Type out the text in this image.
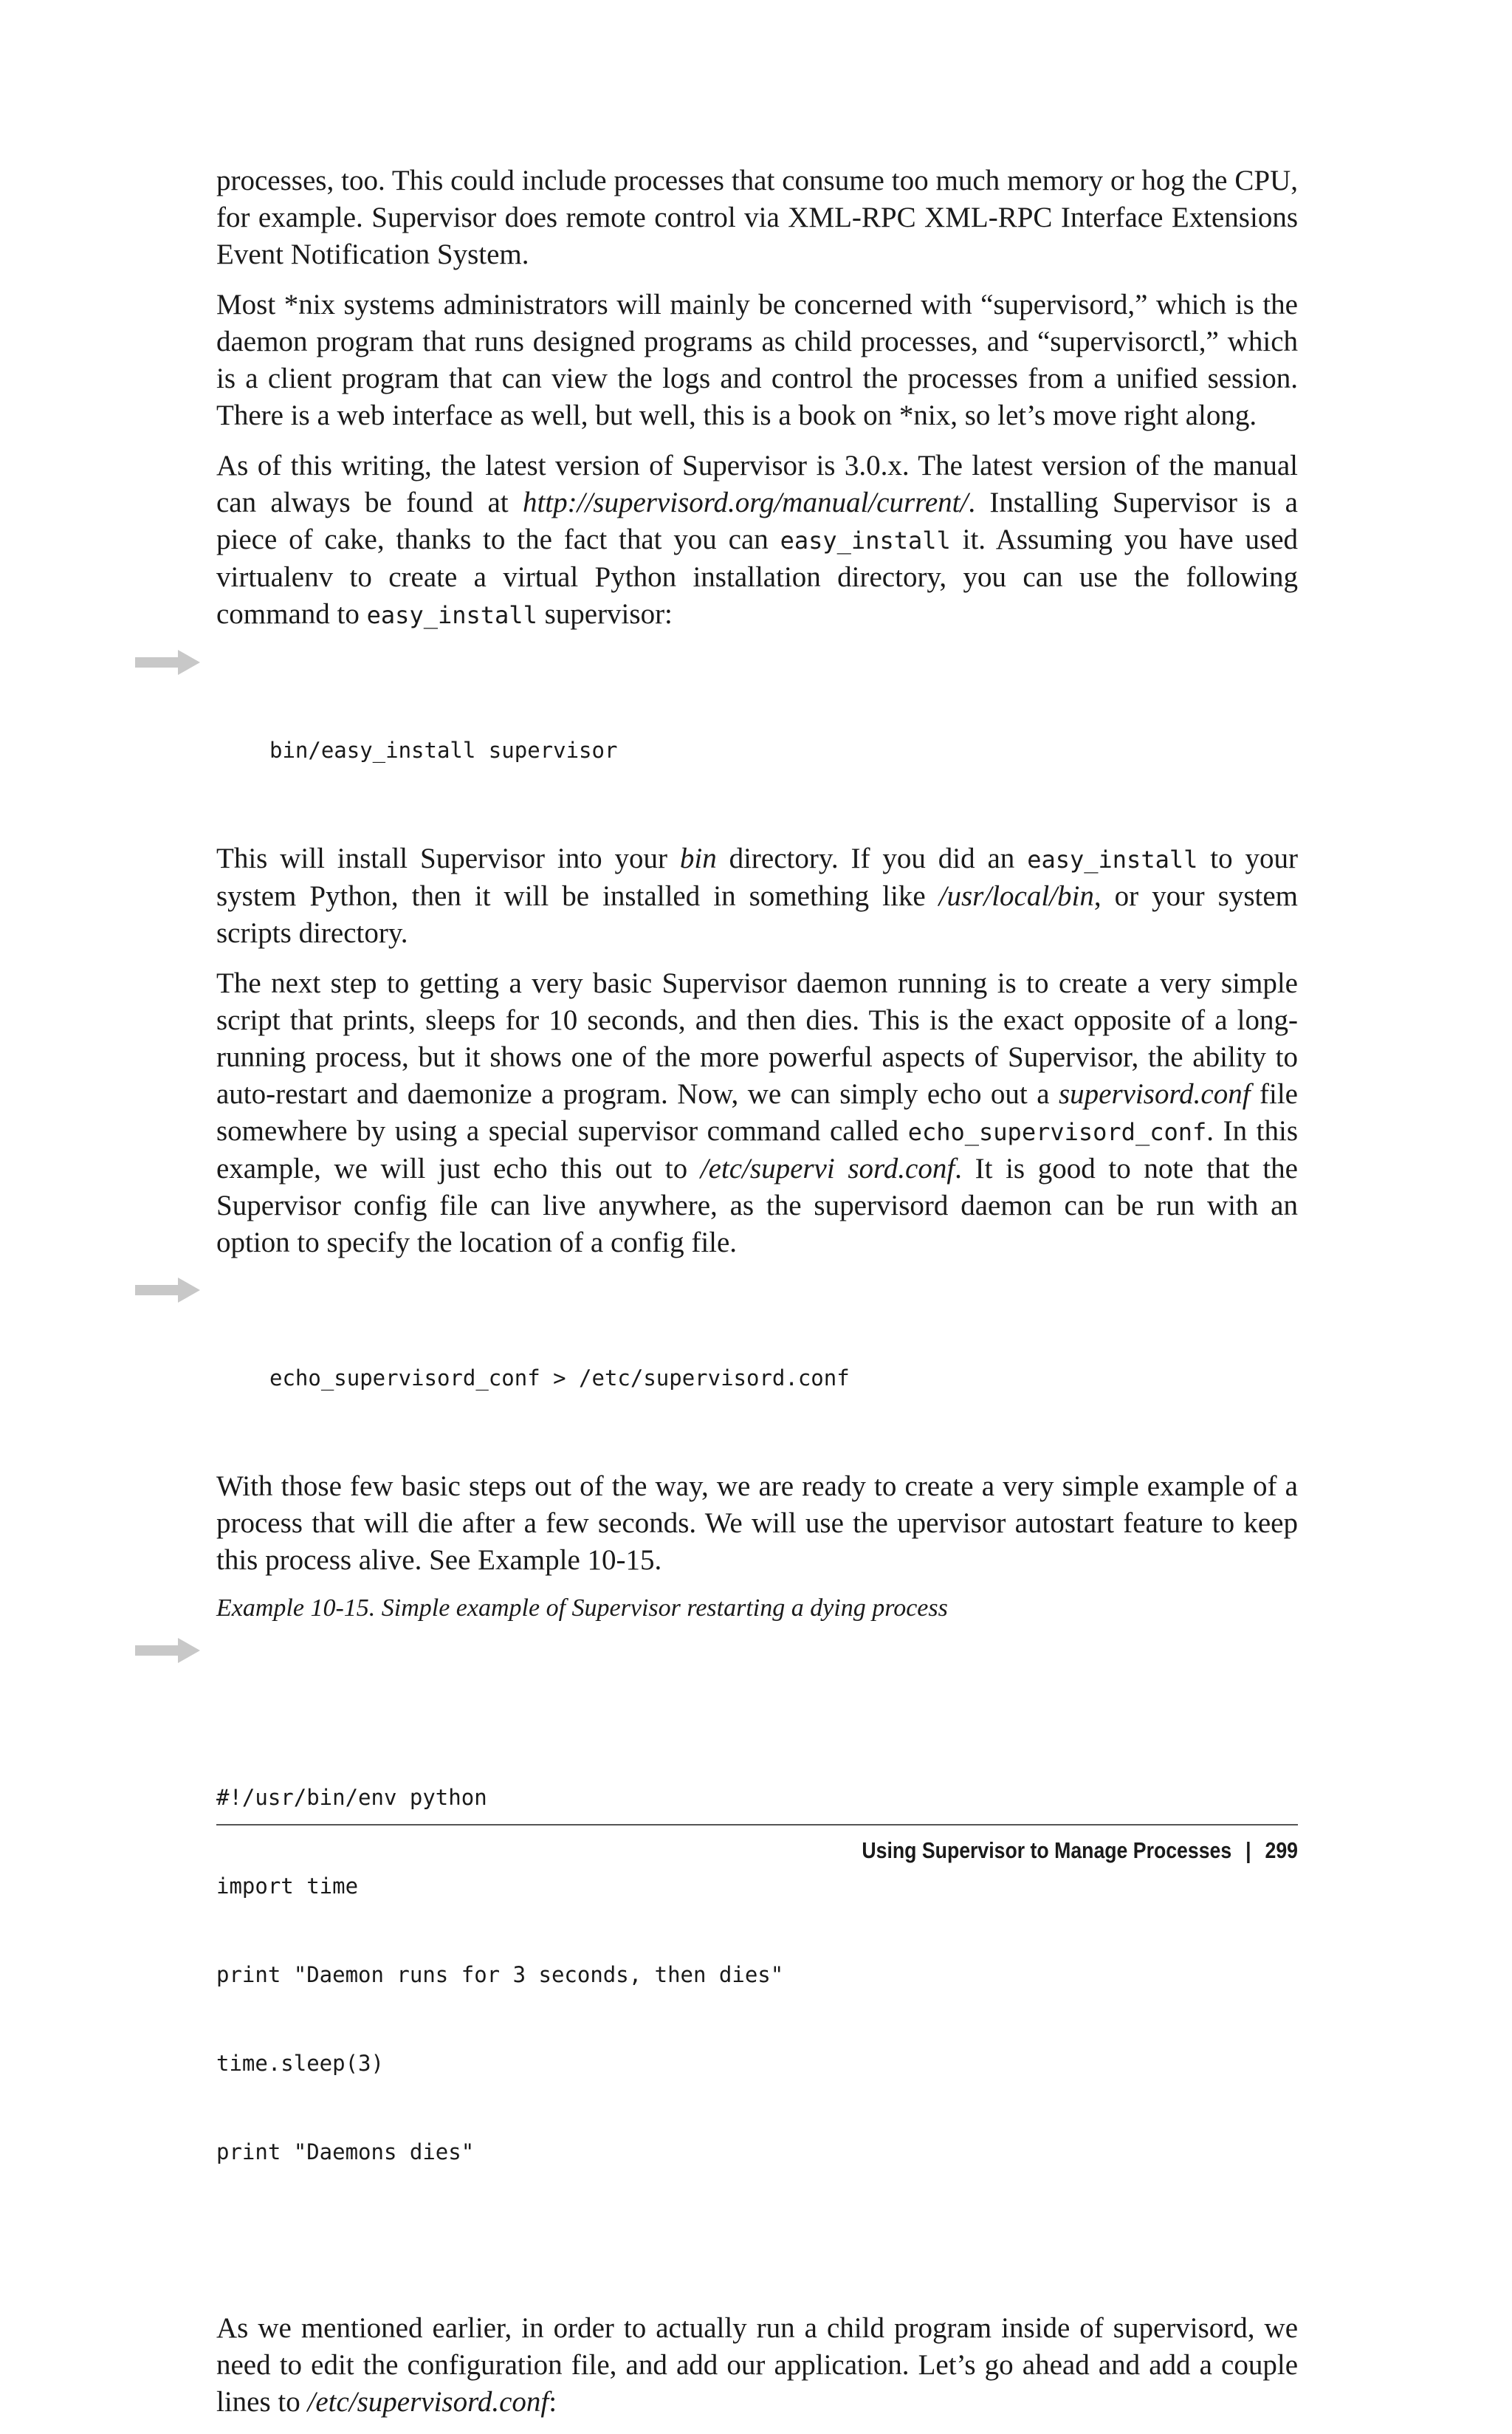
processes, too. This could include processes that consume too much memory or hog the CPU, for example. Supervisor does remote control via XML-RPC XML-RPC Interface Extensions Event Notification System.

Most *nix systems administrators will mainly be concerned with “supervisord,” which is the daemon program that runs designed programs as child processes, and “supervisorctl,” which is a client program that can view the logs and control the processes from a unified session. There is a web interface as well, but well, this is a book on *nix, so let’s move right along.

As of this writing, the latest version of Supervisor is 3.0.x. The latest version of the manual can always be found at http://supervisord.org/manual/current/. Installing Supervisor is a piece of cake, thanks to the fact that you can easy_install it. Assuming you have used virtualenv to create a virtual Python installation directory, you can use the following command to easy_install supervisor:

bin/easy_install supervisor

This will install Supervisor into your bin directory. If you did an easy_install to your system Python, then it will be installed in something like /usr/local/bin, or your system scripts directory.

The next step to getting a very basic Supervisor daemon running is to create a very simple script that prints, sleeps for 10 seconds, and then dies. This is the exact opposite of a long-running process, but it shows one of the more powerful aspects of Supervisor, the ability to auto-restart and daemonize a program. Now, we can simply echo out a supervisord.conf file somewhere by using a special supervisor command called echo_supervisord_conf. In this example, we will just echo this out to /etc/supervi sord.conf. It is good to note that the Supervisor config file can live anywhere, as the supervisord daemon can be run with an option to specify the location of a config file.

echo_supervisord_conf > /etc/supervisord.conf

With those few basic steps out of the way, we are ready to create a very simple example of a process that will die after a few seconds. We will use the upervisor autostart feature to keep this process alive. See Example 10-15.

Example 10-15. Simple example of Supervisor restarting a dying process

#!/usr/bin/env python

import time

print "Daemon runs for 3 seconds, then dies"

time.sleep(3)

print "Daemons dies"

As we mentioned earlier, in order to actually run a child program inside of supervisord, we need to edit the configuration file, and add our application. Let’s go ahead and add a couple lines to /etc/supervisord.conf:

Using Supervisor to Manage Processes | 299
